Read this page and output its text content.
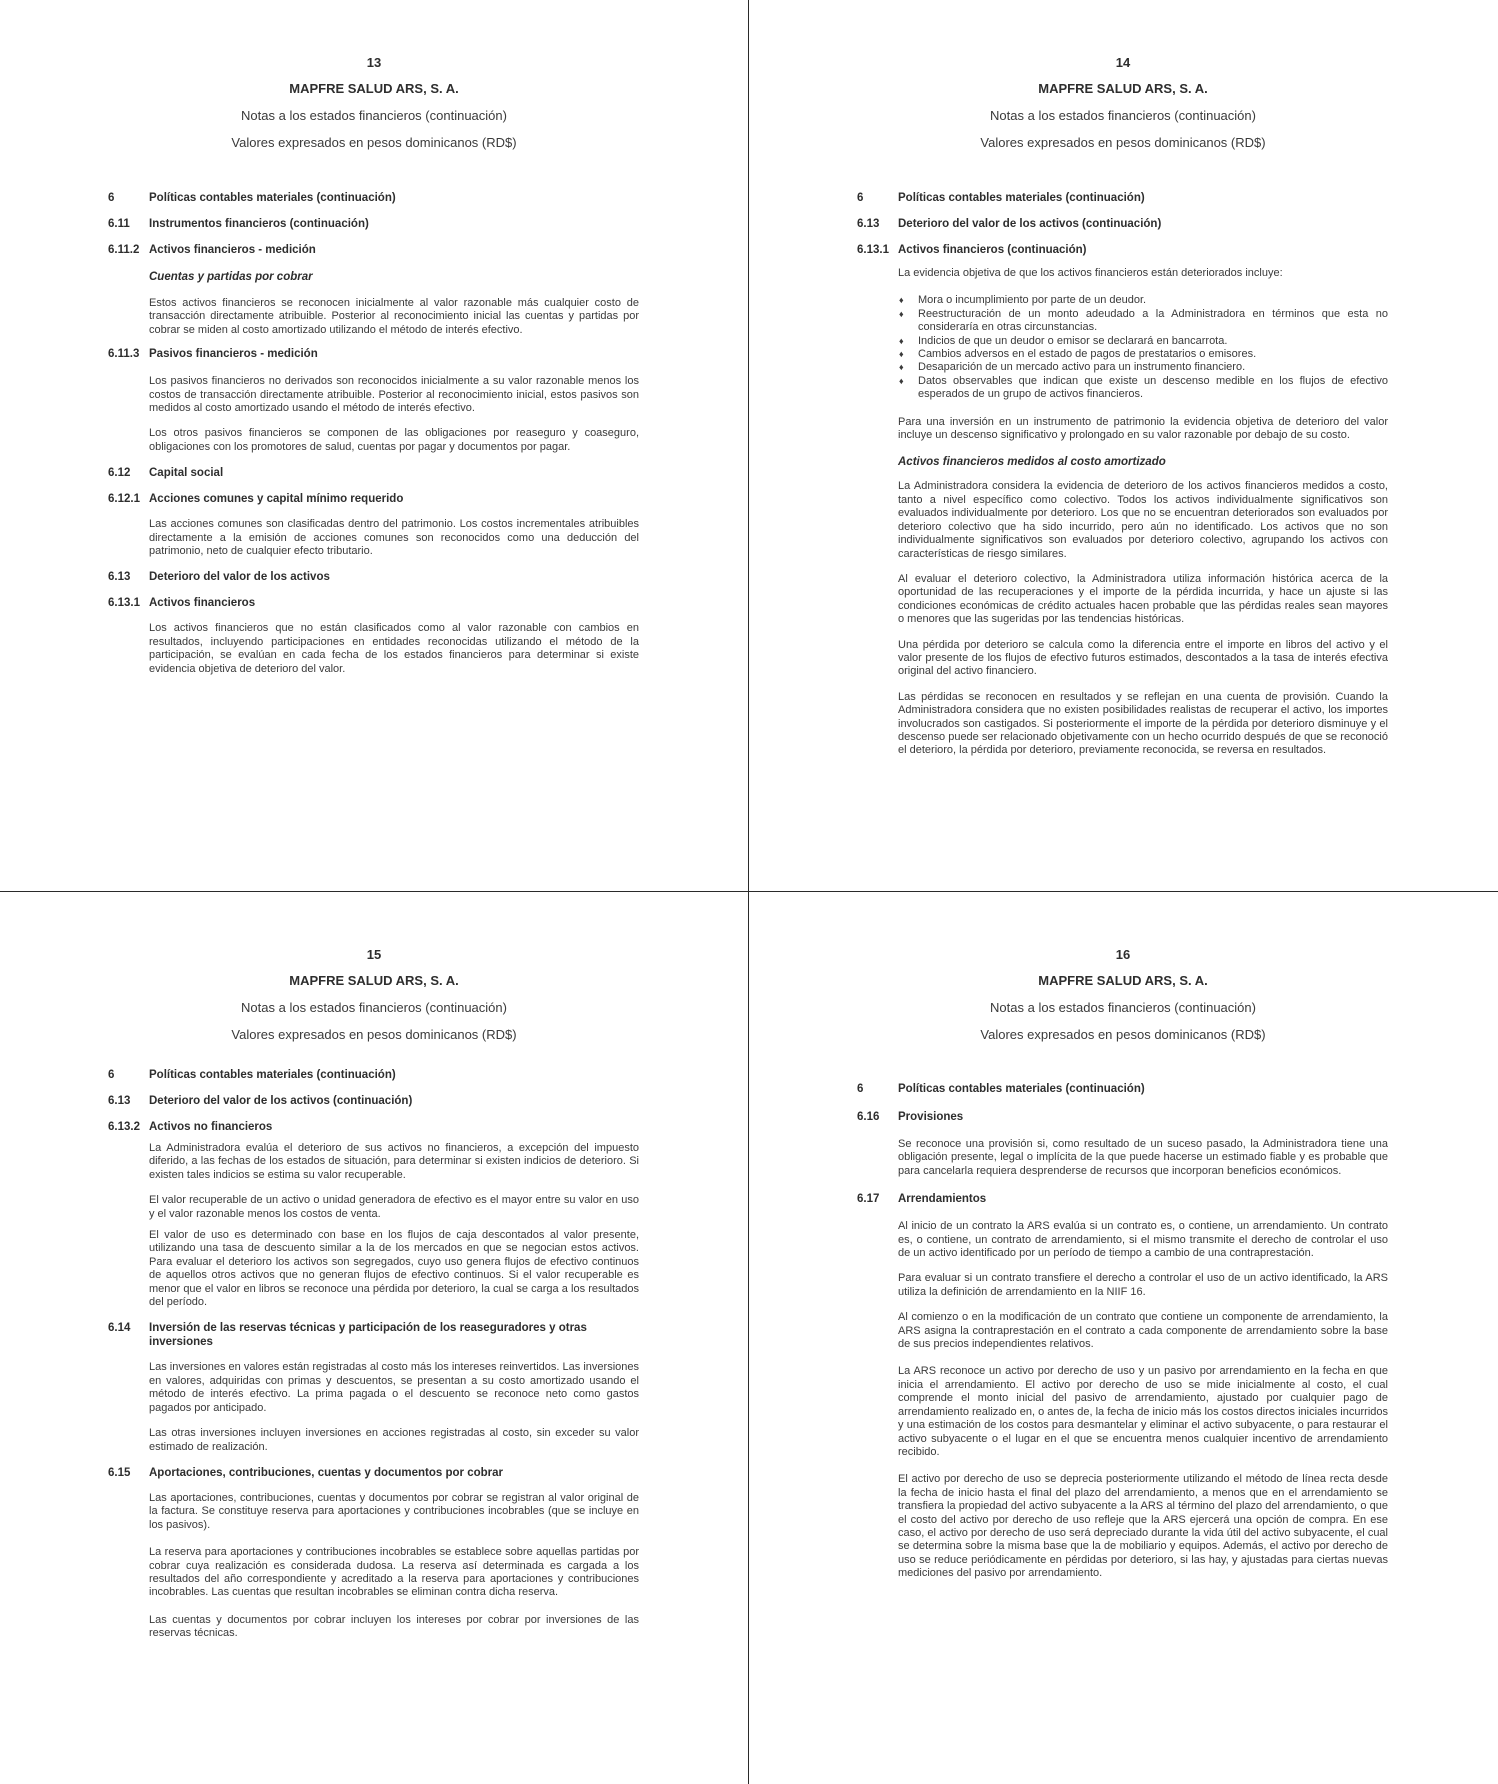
13
MAPFRE SALUD ARS, S. A.
Notas a los estados financieros (continuación)
Valores expresados en pesos dominicanos (RD$)
6	Políticas contables materiales (continuación)
6.11	Instrumentos financieros (continuación)
6.11.2 Activos financieros - medición
Cuentas y partidas por cobrar
Estos activos financieros se reconocen inicialmente al valor razonable más cualquier costo de transacción directamente atribuible. Posterior al reconocimiento inicial las cuentas y partidas por cobrar se miden al costo amortizado utilizando el método de interés efectivo.
6.11.3 Pasivos financieros - medición
Los pasivos financieros no derivados son reconocidos inicialmente a su valor razonable menos los costos de transacción directamente atribuible. Posterior al reconocimiento inicial, estos pasivos son medidos al costo amortizado usando el método de interés efectivo.
Los otros pasivos financieros se componen de las obligaciones por reaseguro y coaseguro, obligaciones con los promotores de salud, cuentas por pagar y documentos por pagar.
6.12	Capital social
6.12.1 Acciones comunes y capital mínimo requerido
Las acciones comunes son clasificadas dentro del patrimonio. Los costos incrementales atribuibles directamente a la emisión de acciones comunes son reconocidos como una deducción del patrimonio, neto de cualquier efecto tributario.
6.13	Deterioro del valor de los activos
6.13.1 Activos financieros
Los activos financieros que no están clasificados como al valor razonable con cambios en resultados, incluyendo participaciones en entidades reconocidas utilizando el método de la participación, se evalúan en cada fecha de los estados financieros para determinar si existe evidencia objetiva de deterioro del valor.
14
MAPFRE SALUD ARS, S. A.
Notas a los estados financieros (continuación)
Valores expresados en pesos dominicanos (RD$)
6	Políticas contables materiales (continuación)
6.13	Deterioro del valor de los activos (continuación)
6.13.1 Activos financieros (continuación)
La evidencia objetiva de que los activos financieros están deteriorados incluye:
♦ Mora o incumplimiento por parte de un deudor.
♦ Reestructuración de un monto adeudado a la Administradora en términos que esta no consideraría en otras circunstancias.
♦ Indicios de que un deudor o emisor se declarará en bancarrota.
♦ Cambios adversos en el estado de pagos de prestatarios o emisores.
♦ Desaparición de un mercado activo para un instrumento financiero.
♦ Datos observables que indican que existe un descenso medible en los flujos de efectivo esperados de un grupo de activos financieros.
Para una inversión en un instrumento de patrimonio la evidencia objetiva de deterioro del valor incluye un descenso significativo y prolongado en su valor razonable por debajo de su costo.
Activos financieros medidos al costo amortizado
La Administradora considera la evidencia de deterioro de los activos financieros medidos a costo, tanto a nivel específico como colectivo. Todos los activos individualmente significativos son evaluados individualmente por deterioro. Los que no se encuentran deteriorados son evaluados por deterioro colectivo que ha sido incurrido, pero aún no identificado. Los activos que no son individualmente significativos son evaluados por deterioro colectivo, agrupando los activos con características de riesgo similares.
Al evaluar el deterioro colectivo, la Administradora utiliza información histórica acerca de la oportunidad de las recuperaciones y el importe de la pérdida incurrida, y hace un ajuste si las condiciones económicas de crédito actuales hacen probable que las pérdidas reales sean mayores o menores que las sugeridas por las tendencias históricas.
Una pérdida por deterioro se calcula como la diferencia entre el importe en libros del activo y el valor presente de los flujos de efectivo futuros estimados, descontados a la tasa de interés efectiva original del activo financiero.
Las pérdidas se reconocen en resultados y se reflejan en una cuenta de provisión. Cuando la Administradora considera que no existen posibilidades realistas de recuperar el activo, los importes involucrados son castigados. Si posteriormente el importe de la pérdida por deterioro disminuye y el descenso puede ser relacionado objetivamente con un hecho ocurrido después de que se reconoció el deterioro, la pérdida por deterioro, previamente reconocida, se reversa en resultados.
15
MAPFRE SALUD ARS, S. A.
Notas a los estados financieros (continuación)
Valores expresados en pesos dominicanos (RD$)
6	Políticas contables materiales (continuación)
6.13	Deterioro del valor de los activos (continuación)
6.13.2 Activos no financieros
La Administradora evalúa el deterioro de sus activos no financieros, a excepción del impuesto diferido, a las fechas de los estados de situación, para determinar si existen indicios de deterioro. Si existen tales indicios se estima su valor recuperable.
El valor recuperable de un activo o unidad generadora de efectivo es el mayor entre su valor en uso y el valor razonable menos los costos de venta.
El valor de uso es determinado con base en los flujos de caja descontados al valor presente, utilizando una tasa de descuento similar a la de los mercados en que se negocian estos activos. Para evaluar el deterioro los activos son segregados, cuyo uso genera flujos de efectivo continuos de aquellos otros activos que no generan flujos de efectivo continuos. Si el valor recuperable es menor que el valor en libros se reconoce una pérdida por deterioro, la cual se carga a los resultados del período.
6.14	Inversión de las reservas técnicas y participación de los reaseguradores y otras inversiones
Las inversiones en valores están registradas al costo más los intereses reinvertidos. Las inversiones en valores, adquiridas con primas y descuentos, se presentan a su costo amortizado usando el método de interés efectivo. La prima pagada o el descuento se reconoce neto como gastos pagados por anticipado.
Las otras inversiones incluyen inversiones en acciones registradas al costo, sin exceder su valor estimado de realización.
6.15	Aportaciones, contribuciones, cuentas y documentos por cobrar
Las aportaciones, contribuciones, cuentas y documentos por cobrar se registran al valor original de la factura. Se constituye reserva para aportaciones y contribuciones incobrables (que se incluye en los pasivos).
La reserva para aportaciones y contribuciones incobrables se establece sobre aquellas partidas por cobrar cuya realización es considerada dudosa. La reserva así determinada es cargada a los resultados del año correspondiente y acreditado a la reserva para aportaciones y contribuciones incobrables. Las cuentas que resultan incobrables se eliminan contra dicha reserva.
Las cuentas y documentos por cobrar incluyen los intereses por cobrar por inversiones de las reservas técnicas.
16
MAPFRE SALUD ARS, S. A.
Notas a los estados financieros (continuación)
Valores expresados en pesos dominicanos (RD$)
6	Políticas contables materiales (continuación)
6.16	Provisiones
Se reconoce una provisión si, como resultado de un suceso pasado, la Administradora tiene una obligación presente, legal o implícita de la que puede hacerse un estimado fiable y es probable que para cancelarla requiera desprenderse de recursos que incorporan beneficios económicos.
6.17	Arrendamientos
Al inicio de un contrato la ARS evalúa si un contrato es, o contiene, un arrendamiento. Un contrato es, o contiene, un contrato de arrendamiento, si el mismo transmite el derecho de controlar el uso de un activo identificado por un período de tiempo a cambio de una contraprestación.
Para evaluar si un contrato transfiere el derecho a controlar el uso de un activo identificado, la ARS utiliza la definición de arrendamiento en la NIIF 16.
Al comienzo o en la modificación de un contrato que contiene un componente de arrendamiento, la ARS asigna la contraprestación en el contrato a cada componente de arrendamiento sobre la base de sus precios independientes relativos.
La ARS reconoce un activo por derecho de uso y un pasivo por arrendamiento en la fecha en que inicia el arrendamiento. El activo por derecho de uso se mide inicialmente al costo, el cual comprende el monto inicial del pasivo de arrendamiento, ajustado por cualquier pago de arrendamiento realizado en, o antes de, la fecha de inicio más los costos directos iniciales incurridos y una estimación de los costos para desmantelar y eliminar el activo subyacente, o para restaurar el activo subyacente o el lugar en el que se encuentra menos cualquier incentivo de arrendamiento recibido.
El activo por derecho de uso se deprecia posteriormente utilizando el método de línea recta desde la fecha de inicio hasta el final del plazo del arrendamiento, a menos que en el arrendamiento se transfiera la propiedad del activo subyacente a la ARS al término del plazo del arrendamiento, o que el costo del activo por derecho de uso refleje que la ARS ejercerá una opción de compra. En ese caso, el activo por derecho de uso será depreciado durante la vida útil del activo subyacente, el cual se determina sobre la misma base que la de mobiliario y equipos. Además, el activo por derecho de uso se reduce periódicamente en pérdidas por deterioro, si las hay, y ajustadas para ciertas nuevas mediciones del pasivo por arrendamiento.
